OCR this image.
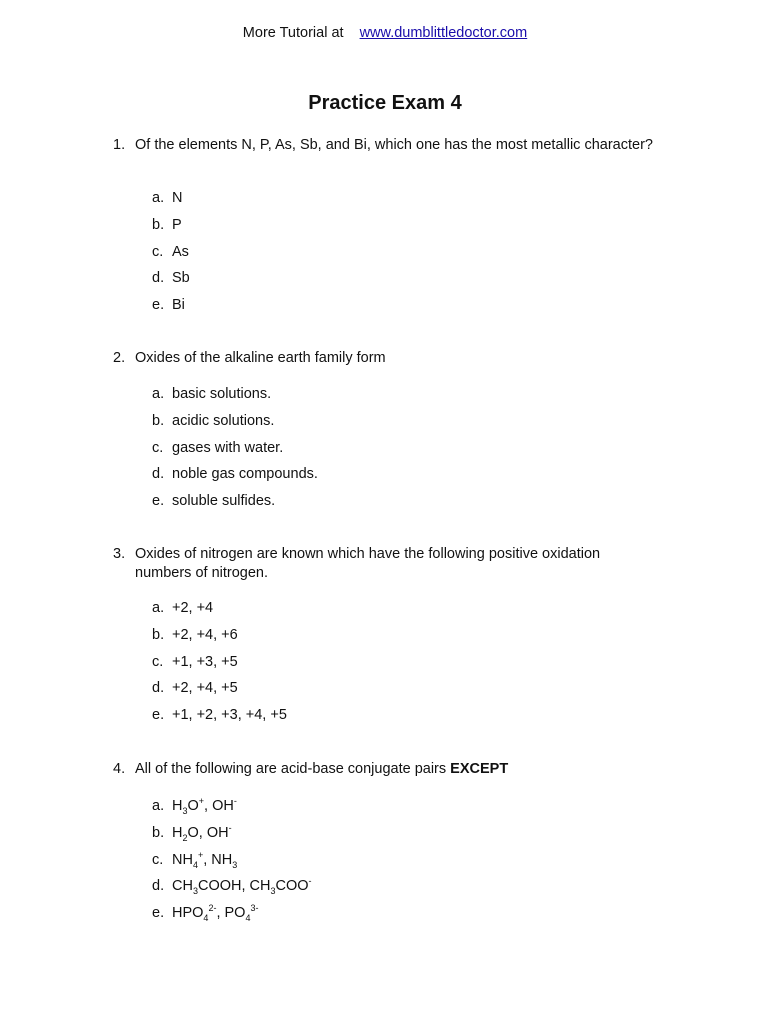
More Tutorial at www.dumblittledoctor.com
Practice Exam 4
1. Of the elements N, P, As, Sb, and Bi, which one has the most metallic character?
a. N
b. P
c. As
d. Sb
e. Bi
2. Oxides of the alkaline earth family form
a. basic solutions.
b. acidic solutions.
c. gases with water.
d. noble gas compounds.
e. soluble sulfides.
3. Oxides of nitrogen are known which have the following positive oxidation numbers of nitrogen.
a. +2, +4
b. +2, +4, +6
c. +1, +3, +5
d. +2, +4, +5
e. +1, +2, +3, +4, +5
4. All of the following are acid-base conjugate pairs EXCEPT
a. $H_3O^+$, OH-
b. $H_2O$, OH-
c. $NH_4^+$, $NH_3$
d. $CH_3COOH$, $CH_3COO^-$
e. $HPO_4^{2-}$, $PO_4^{3-}$
